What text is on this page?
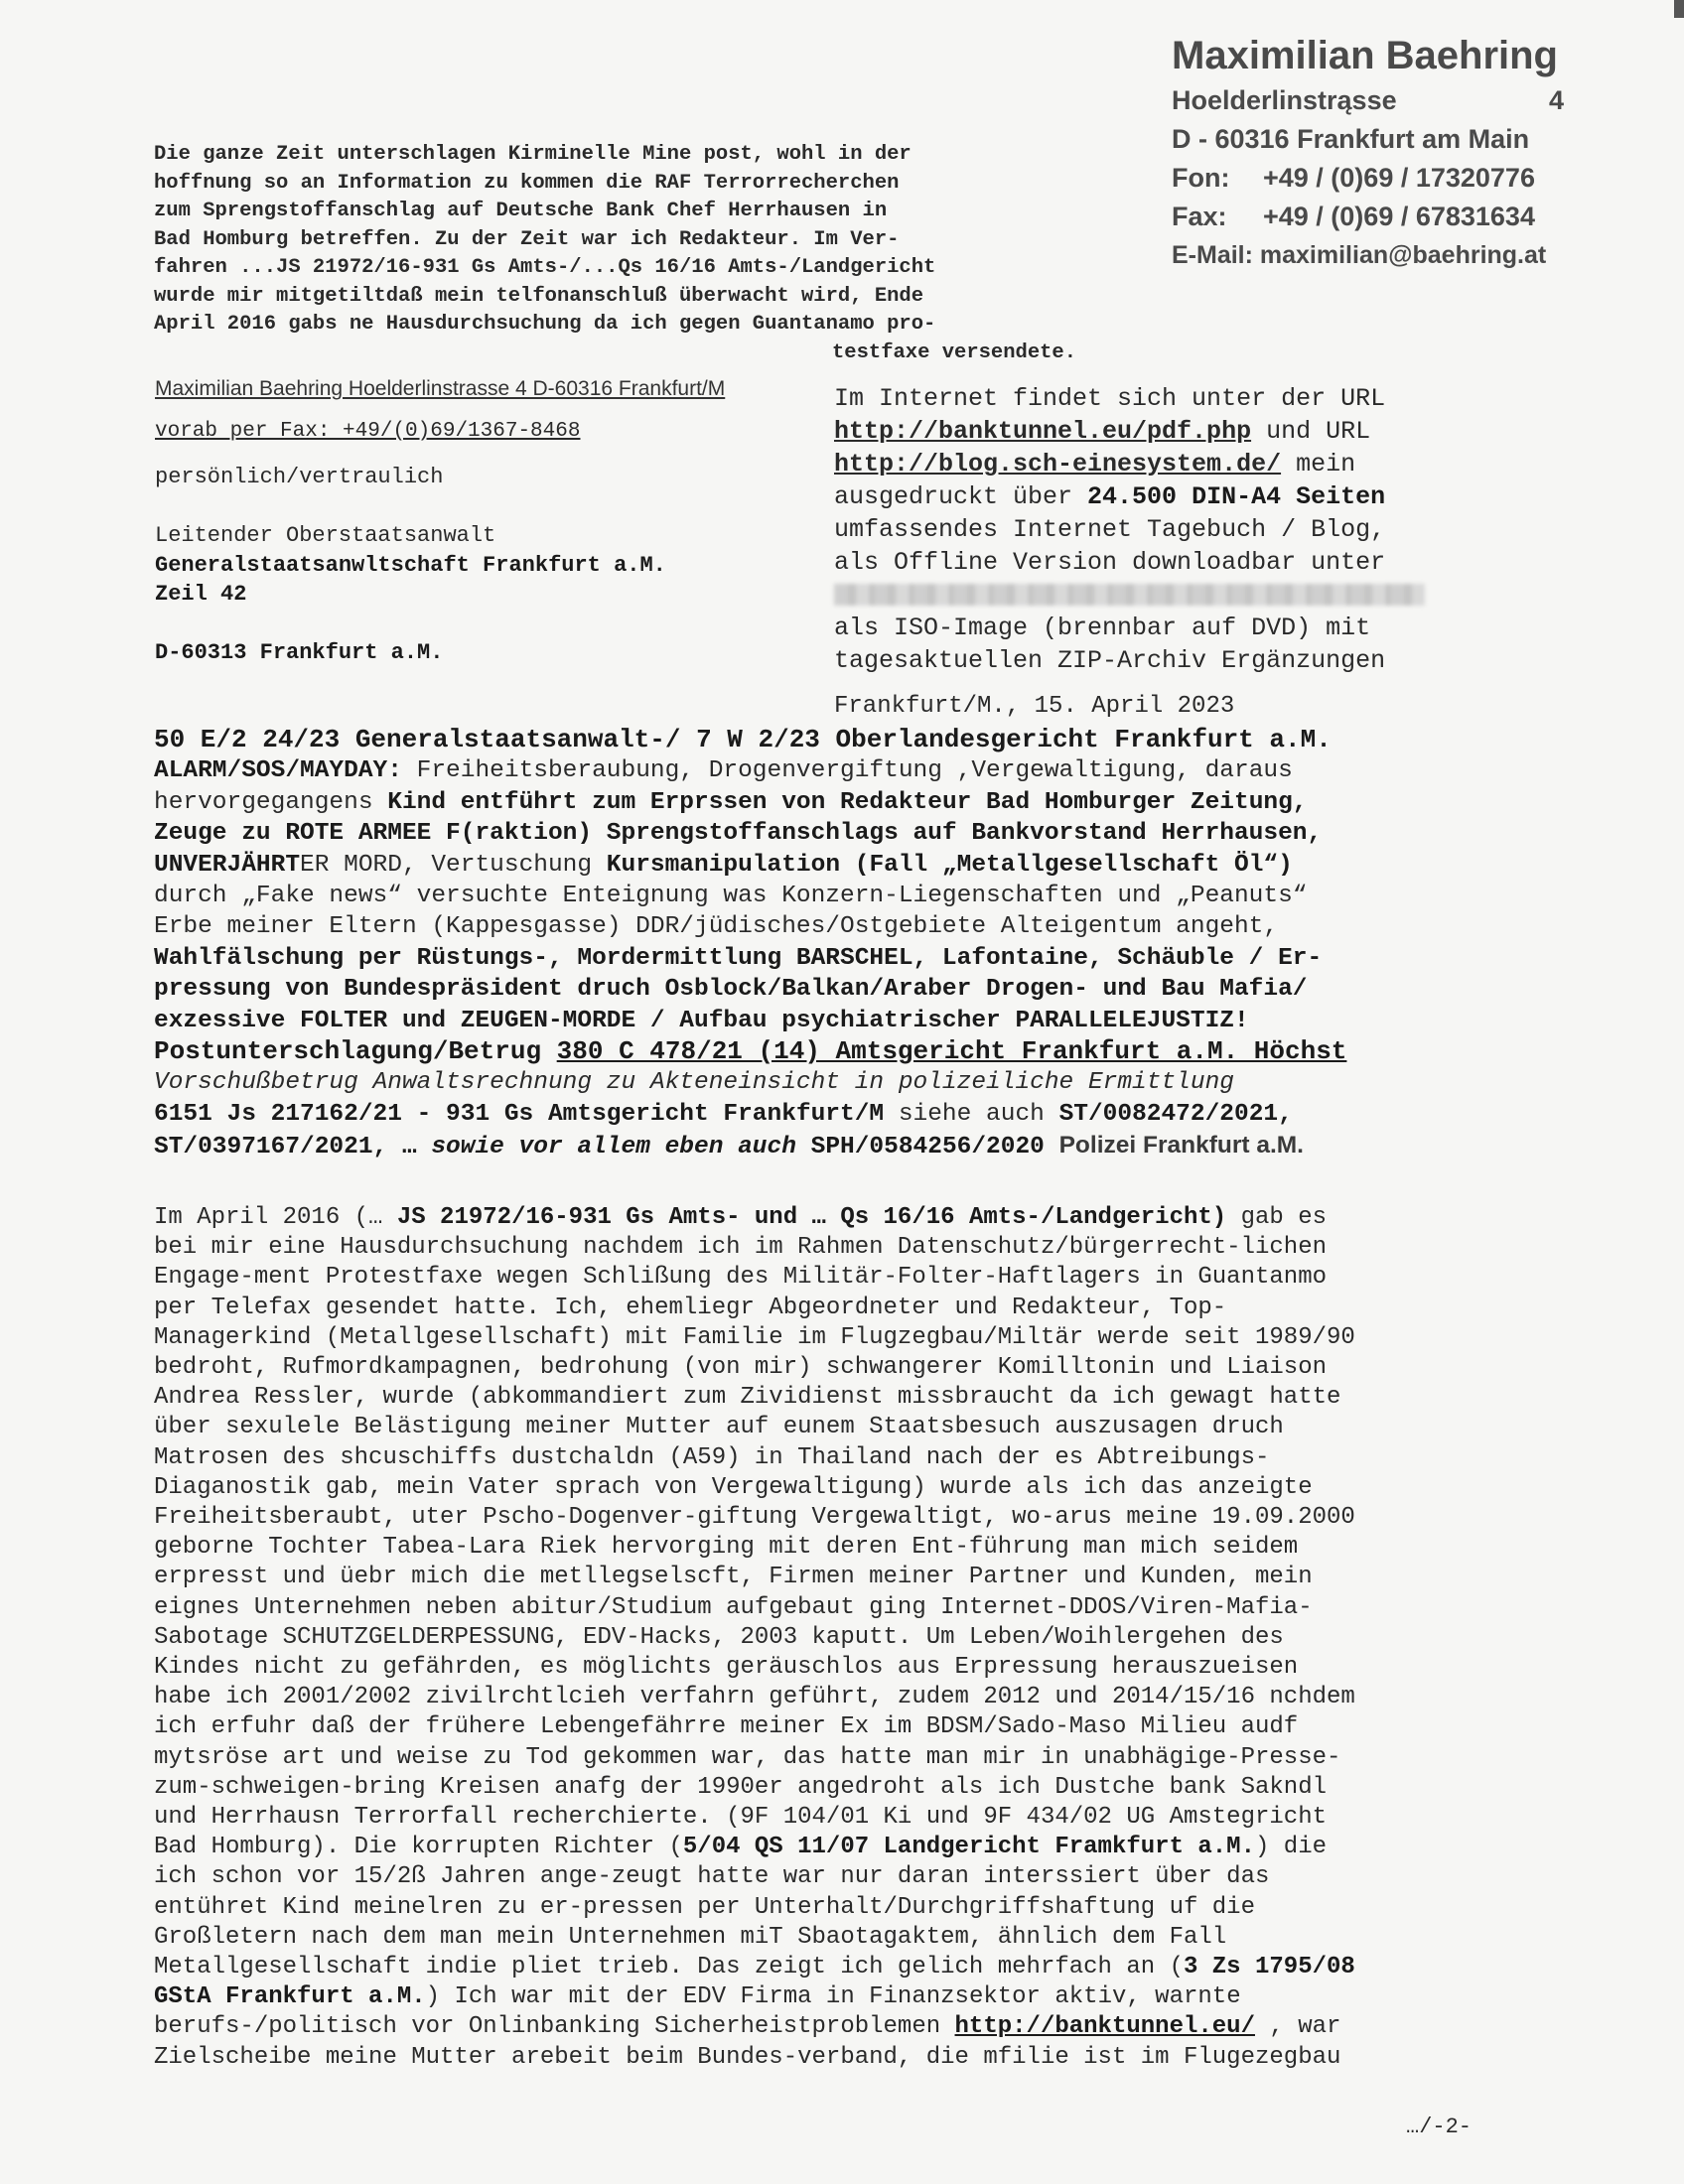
Maximilian Baehring
Hoelderlinstrąsse	4
D - 60316 Frankfurt am Main
Fon: +49 / (0)69 / 17320776
Fax: +49 / (0)69 / 67831634
E-Mail: maximilian@baehring.at
Die ganze Zeit unterschlagen Kirminelle Mine post, wohl in der
hoffnung so an Information zu kommen die RAF Terrorrecherchen
zum Sprengstoffanschlag auf Deutsche Bank Chef Herrhausen in
Bad Homburg betreffen. Zu der Zeit war ich Redakteur. Im Ver-
fahren ...JS 21972/16-931 Gs Amts-/...Qs 16/16 Amts-/Landgericht
wurde mir mitgetiltdaß mein telfonanschluß überwacht wird, Ende
April 2016 gabs ne Hausdurchsuchung da ich gegen Guantanamo pro-
testfaxe versendete.
Maximilian Baehring Hoelderlinstrasse 4 D-60316 Frankfurt/M
vorab per Fax: +49/(0)69/1367-8468
persönlich/vertraulich

Leitender Oberstaatsanwalt
Generalstaatsanwltschaft Frankfurt a.M.
Zeil 42

D-60313 Frankfurt a.M.
Im Internet findet sich unter der URL
http://banktunnel.eu/pdf.php und URL
http://blog.sch-einesystem.de/ mein
ausgedruckt über 24.500 DIN-A4 Seiten
umfassendes Internet Tagebuch / Blog,
als Offline Version downloadbar unter
als ISO-Image (brennbar auf DVD) mit
tagesaktuellen ZIP-Archiv Ergänzungen
Frankfurt/M., 15. April 2023
50 E/2 24/23 Generalstaatsanwalt-/ 7 W 2/23 Oberlandesgericht Frankfurt a.M.
ALARM/SOS/MAYDAY: Freiheitsberaubung, Drogenvergiftung ,Vergewaltigung, daraus
hervorgegangens Kind entführt zum Erprssen von Redakteur Bad Homburger Zeitung,
Zeuge zu ROTE ARMEE F(raktion) Sprengstoffanschlags auf Bankvorstand Herrhausen,
UNVERJÄHRTER MORD, Vertuschung Kursmanipulation (Fall „Metallgesellschaft Öl“)
durch „Fake news“ versuchte Enteignung was Konzern-Liegenschaften und „Peanuts“
Erbe meiner Eltern (Kappesgasse) DDR/jüdisches/Ostgebiete Alteigentum angeht,
Wahlfälschung per Rüstungs-, Mordermittlung BARSCHEL, Lafontaine, Schäuble / Er-
pressung von Bundespräsident druch Osblock/Balkan/Araber Drogen- und Bau Mafia/
exzessive FOLTER und ZEUGEN-MORDE / Aufbau psychiatrischer PARALLELEJUSTIZ!
Postunterschlagung/Betrug 380 C 478/21 (14) Amtsgericht Frankfurt a.M. Höchst
Vorschußbetrug Anwaltsrechnung zu Akteneinsicht in polizeiliche Ermittlung
6151 Js 217162/21 - 931 Gs Amtsgericht Frankfurt/M siehe auch ST/0082472/2021,
ST/0397167/2021, … sowie vor allem eben auch SPH/0584256/2020 Polizei Frankfurt a.M.
Im April 2016 (… JS 21972/16-931 Gs Amts- und … Qs 16/16 Amts-/Landgericht) gab es
bei mir eine Hausdurchsuchung nachdem ich im Rahmen Datenschutz/bürgerrecht-lichen
Engage-ment Protestfaxe wegen Schlißung des Militär-Folter-Haftlagers in Guantanmo
per Telefax gesendet hatte. Ich, ehemliegr Abgeordneter und Redakteur, Top-
Managerkind (Metallgesellschaft) mit Familie im Flugzegbau/Miltär werde seit 1989/90
bedroht, Rufmordkampagnen, bedrohung (von mir) schwangerer Komilltonin und Liaison
Andrea Ressler, wurde (abkommandiert zum Zividienst missbraucht da ich gewagt hatte
über sexulele Belästigung meiner Mutter auf eunem Staatsbesuch auszusagen druch
Matrosen des shcuschiffs dustchaldn (A59) in Thailand nach der es Abtreibungs-
Diaganostik gab, mein Vater sprach von Vergewaltigung) wurde als ich das anzeigte
Freiheitsberaubt, uter Pscho-Dogenver-giftung Vergewaltigt, wo-arus meine 19.09.2000
geborne Tochter Tabea-Lara Riek hervorging mit deren Ent-führung man mich seidem
erpresst und üebr mich die metllegselscft, Firmen meiner Partner und Kunden, mein
eignes Unternehmen neben abitur/Studium aufgebaut ging Internet-DDOS/Viren-Mafia-
Sabotage SCHUTZGELDERPESSUNG, EDV-Hacks, 2003 kaputt. Um Leben/Woihlergehen des
Kindes nicht zu gefährden, es möglichts geräuschlos aus Erpressung herauszueisen
habe ich 2001/2002 zivilrchtlcieh verfahrn geführt, zudem 2012 und 2014/15/16 nchdem
ich erfuhr daß der frühere Lebengefährre meiner Ex im BDSM/Sado-Maso Milieu audf
mytsröse art und weise zu Tod gekommen war, das hatte man mir in unabhägige-Presse-
zum-schweigen-bring Kreisen anafg der 1990er angedroht als ich Dustche bank Sakndl
und Herrhausn Terrorfall recherchierte. (9F 104/01 Ki und 9F 434/02 UG Amstegricht
Bad Homburg). Die korrupten Richter (5/04 QS 11/07 Landgericht Framkfurt a.M.) die
ich schon vor 15/2ß Jahren ange-zeugt hatte war nur daran interssiert über das
entühret Kind meinelren zu er-pressen per Unterhalt/Durchgriffshaftung uf die
Großletern nach dem man mein Unternehmen miT Sbaotagaktem, ähnlich dem Fall
Metallgesellschaft indie pliet trieb. Das zeigt ich gelich mehrfach an (3 Zs 1795/08
GStA Frankfurt a.M.) Ich war mit der EDV Firma in Finanzsektor aktiv, warnte
berufs-/politisch vor Onlinbanking Sicherheistproblemen http://banktunnel.eu/ , war
Zielscheibe meine Mutter arebeit beim Bundes-verband, die mfilie ist im Flugezegbau
…/-2-
